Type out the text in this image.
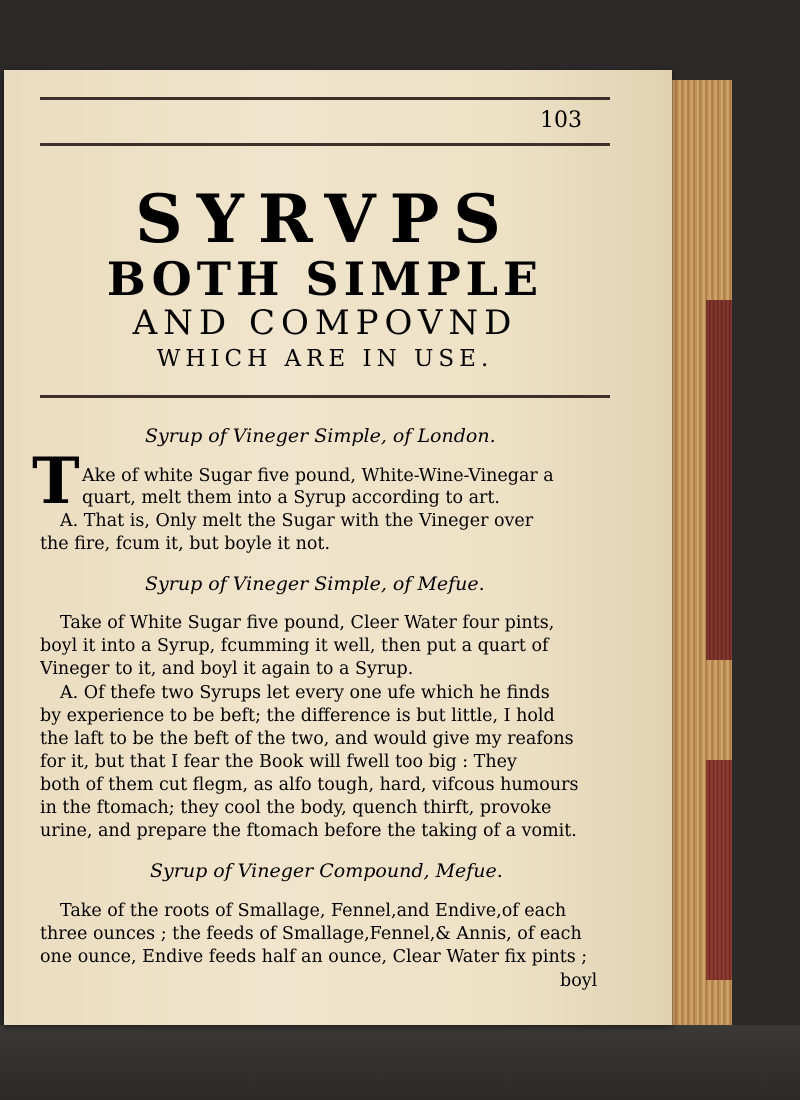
103
SYRVPS
BOTH SIMPLE
AND COMPOVND
WHICH ARE IN USE.
Syrup of Vineger Simple, of London.
T Ake of white Sugar five pound, White-Wine-Vinegar a
quart, melt them into a Syrup according to art.
A. That is, Only melt the Sugar with the Vineger over
the fire, fcum it, but boyle it not.
Syrup of Vineger Simple, of Mefue.
Take of White Sugar five pound, Cleer Water four pints,
boyl it into a Syrup, fcumming it well, then put a quart of
Vineger to it, and boyl it again to a Syrup.
A. Of thefe two Syrups let every one ufe which he finds
by experience to be beft; the difference is but little, I hold
the laft to be the beft of the two, and would give my reafons
for it, but that I fear the Book will fwell too big : They
both of them cut flegm, as alfo tough, hard, vifcous humours
in the ftomach; they cool the body, quench thirft, provoke
urine, and prepare the ftomach before the taking of a vomit.
Syrup of Vineger Compound, Mefue.
Take of the roots of Smallage, Fennel,and Endive,of each
three ounces ; the feeds of Smallage,Fennel,& Annis, of each
one ounce, Endive feeds half an ounce, Clear Water fix pints ;
boyl
